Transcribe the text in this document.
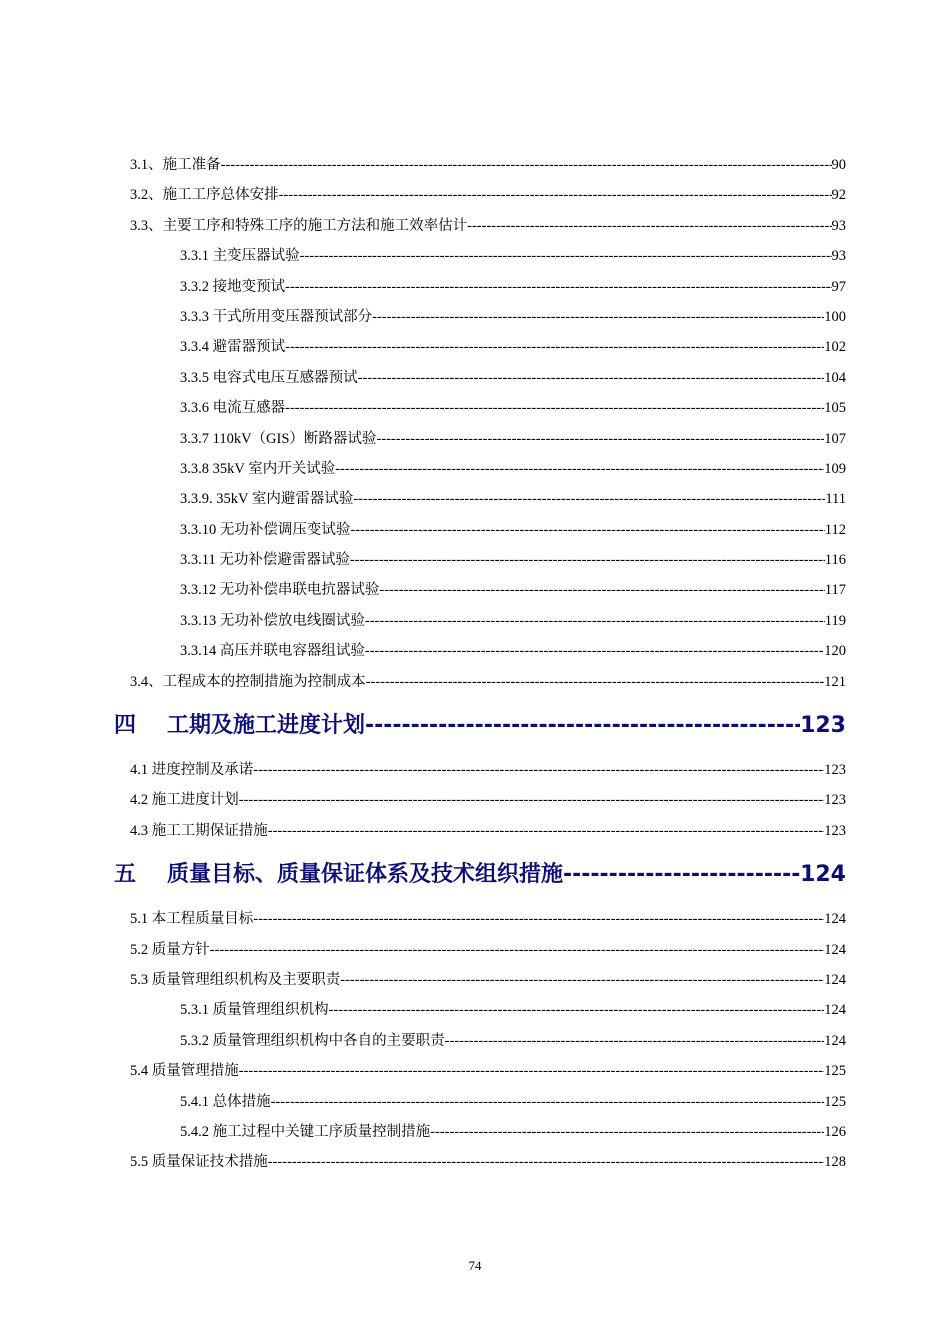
3.1、施工准备 -----	90
3.2、施工工序总体安排 -----	92
3.3、主要工序和特殊工序的施工方法和施工效率估计 -----	93
3.3.1 主变压器试验 -----	93
3.3.2 接地变预试 -----	97
3.3.3 干式所用变压器预试部分 -----	100
3.3.4 避雷器预试 -----	102
3.3.5 电容式电压互感器预试 -----	104
3.3.6 电流互感器 -----	105
3.3.7 110kV（GIS）断路器试验 -----	107
3.3.8 35kV 室内开关试验 -----	109
3.3.9. 35kV 室内避雷器试验 -----	111
3.3.10 无功补偿调压变试验 -----	112
3.3.11 无功补偿避雷器试验 -----	116
3.3.12 无功补偿串联电抗器试验 -----	117
3.3.13 无功补偿放电线圈试验 -----	119
3.3.14 高压并联电容器组试验 -----	120
3.4、工程成本的控制措施为控制成本 -----	121
四 工期及施工进度计划 -----	123
4.1 进度控制及承诺 -----	123
4.2 施工进度计划 -----	123
4.3 施工工期保证措施 -----	123
五 质量目标、质量保证体系及技术组织措施 -----	124
5.1 本工程质量目标 -----	124
5.2 质量方针 -----	124
5.3 质量管理组织机构及主要职责 -----	124
5.3.1 质量管理组织机构 -----	124
5.3.2 质量管理组织机构中各自的主要职责 -----	124
5.4 质量管理措施 -----	125
5.4.1 总体措施 -----	125
5.4.2 施工过程中关键工序质量控制措施 -----	126
5.5 质量保证技术措施 -----	128
74
